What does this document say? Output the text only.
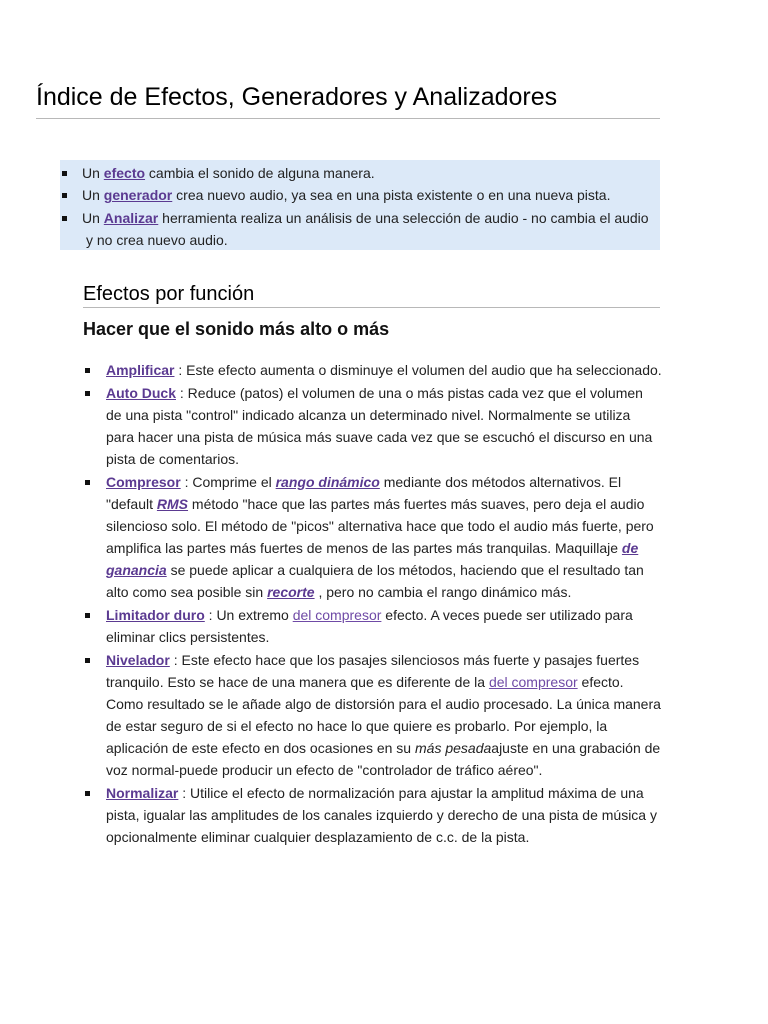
Índice de Efectos, Generadores y Analizadores
Un efecto cambia el sonido de alguna manera.
Un generador crea nuevo audio, ya sea en una pista existente o en una nueva pista.
Un Analizar herramienta realiza un análisis de una selección de audio - no cambia el audio
y no crea nuevo audio.
Efectos por función
Hacer que el sonido más alto o más
Amplificar : Este efecto aumenta o disminuye el volumen del audio que ha seleccionado.
Auto Duck : Reduce (patos) el volumen de una o más pistas cada vez que el volumen de una pista "control" indicado alcanza un determinado nivel. Normalmente se utiliza para hacer una pista de música más suave cada vez que se escuchó el discurso en una pista de comentarios.
Compresor : Comprime el rango dinámico mediante dos métodos alternativos. El "default RMS método "hace que las partes más fuertes más suaves, pero deja el audio silencioso solo. El método de "picos" alternativa hace que todo el audio más fuerte, pero amplifica las partes más fuertes de menos de las partes más tranquilas. Maquillaje de ganancia se puede aplicar a cualquiera de los métodos, haciendo que el resultado tan alto como sea posible sin recorte , pero no cambia el rango dinámico más.
Limitador duro : Un extremo del compresor efecto. A veces puede ser utilizado para eliminar clics persistentes.
Nivelador : Este efecto hace que los pasajes silenciosos más fuerte y pasajes fuertes tranquilo. Esto se hace de una manera que es diferente de la del compresor efecto. Como resultado se le añade algo de distorsión para el audio procesado. La única manera de estar seguro de si el efecto no hace lo que quiere es probarlo. Por ejemplo, la aplicación de este efecto en dos ocasiones en su más pesadaajuste en una grabación de voz normal-puede producir un efecto de "controlador de tráfico aéreo".
Normalizar : Utilice el efecto de normalización para ajustar la amplitud máxima de una pista, igualar las amplitudes de los canales izquierdo y derecho de una pista de música y opcionalmente eliminar cualquier desplazamiento de c.c. de la pista.
